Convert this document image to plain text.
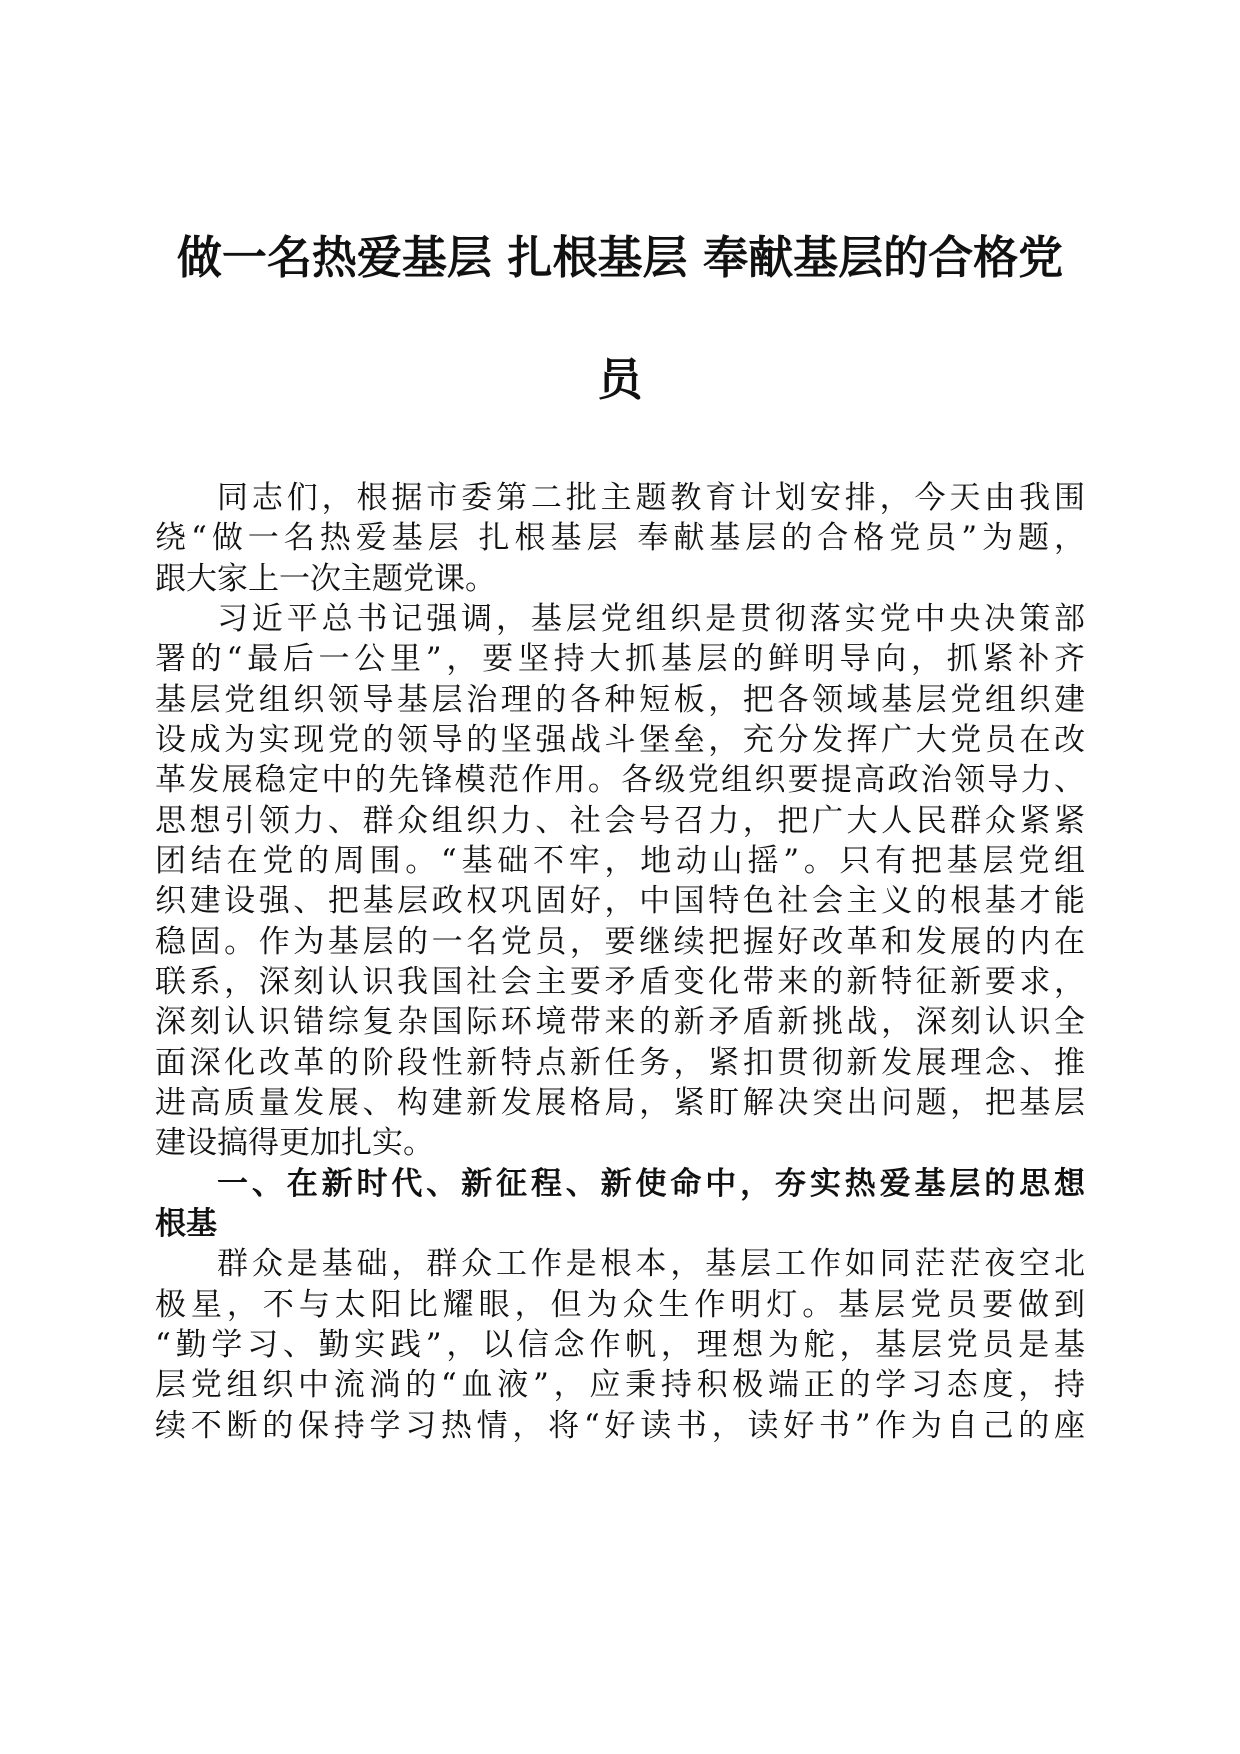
做一名热爱基层 扎根基层 奉献基层的合格党
员

同志们，根据市委第二批主题教育计划安排，今天由我围

绕“做一名热爱基层 扎根基层 奉献基层的合格党员”为题，

跟大家上一次主题党课。

习近平总书记强调，基层党组织是贯彻落实党中央决策部

署的“最后一公里”，要坚持大抓基层的鲜明导向，抓紧补齐

基层党组织领导基层治理的各种短板，把各领域基层党组织建

设成为实现党的领导的坚强战斗堡垒，充分发挥广大党员在改

革发展稳定中的先锋模范作用。各级党组织要提高政治领导力、

思想引领力、群众组织力、社会号召力，把广大人民群众紧紧

团结在党的周围。“基础不牢，地动山摇”。只有把基层党组

织建设强、把基层政权巩固好，中国特色社会主义的根基才能

稳固。作为基层的一名党员，要继续把握好改革和发展的内在

联系，深刻认识我国社会主要矛盾变化带来的新特征新要求，

深刻认识错综复杂国际环境带来的新矛盾新挑战，深刻认识全

面深化改革的阶段性新特点新任务，紧扣贯彻新发展理念、推

进高质量发展、构建新发展格局，紧盯解决突出问题，把基层

建设搞得更加扎实。

一、在新时代、新征程、新使命中，夯实热爱基层的思想

根基

群众是基础，群众工作是根本，基层工作如同茫茫夜空北

极星，不与太阳比耀眼，但为众生作明灯。基层党员要做到

“勤学习、勤实践”，以信念作帆，理想为舵，基层党员是基

层党组织中流淌的“血液”，应秉持积极端正的学习态度，持

续不断的保持学习热情，将“好读书，读好书”作为自己的座
